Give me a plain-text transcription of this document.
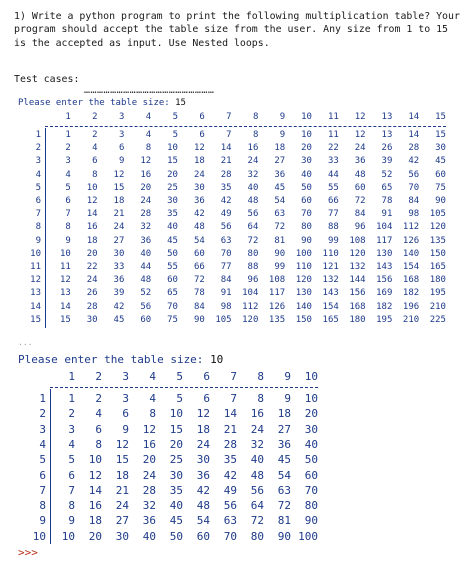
1) Write a python program to print the following multiplication table? Your program should accept the table size from the user. Any size from 1 to 15 is the accepted as input. Use Nested loops.
Test cases:
……………………………………………………
Please enter the table size: 15
...
1	2	3	4	5	6	7	8	9	10	11	12	13	14	15
1	1	2	3	4	5	6	7	8	9	10	11	12	13	14	15
2	2	4	6	8	10	12	14	16	18	20	22	24	26	28	30
3	3	6	9	12	15	18	21	24	27	30	33	36	39	42	45
4	4	8	12	16	20	24	28	32	36	40	44	48	52	56	60
5	5	10	15	20	25	30	35	40	45	50	55	60	65	70	75
6	6	12	18	24	30	36	42	48	54	60	66	72	78	84	90
7	7	14	21	28	35	42	49	56	63	70	77	84	91	98	105
8	8	16	24	32	40	48	56	64	72	80	88	96	104	112	120
9	9	18	27	36	45	54	63	72	81	90	99	108	117	126	135
10	10	20	30	40	50	60	70	80	90	100	110	120	130	140	150
11	11	22	33	44	55	66	77	88	99	110	121	132	143	154	165
12	12	24	36	48	60	72	84	96	108	120	132	144	156	168	180
13	13	26	39	52	65	78	91	104	117	130	143	156	169	182	195
14	14	28	42	56	70	84	98	112	126	140	154	168	182	196	210
15	15	30	45	60	75	90	105	120	135	150	165	180	195	210	225
Please enter the table size: 10
>>>
1	2	3	4	5	6	7	8	9	10
1	1	2	3	4	5	6	7	8	9	10
2	2	4	6	8	10	12	14	16	18	20
3	3	6	9	12	15	18	21	24	27	30
4	4	8	12	16	20	24	28	32	36	40
5	5	10	15	20	25	30	35	40	45	50
6	6	12	18	24	30	36	42	48	54	60
7	7	14	21	28	35	42	49	56	63	70
8	8	16	24	32	40	48	56	64	72	80
9	9	18	27	36	45	54	63	72	81	90
10	10	20	30	40	50	60	70	80	90 100
